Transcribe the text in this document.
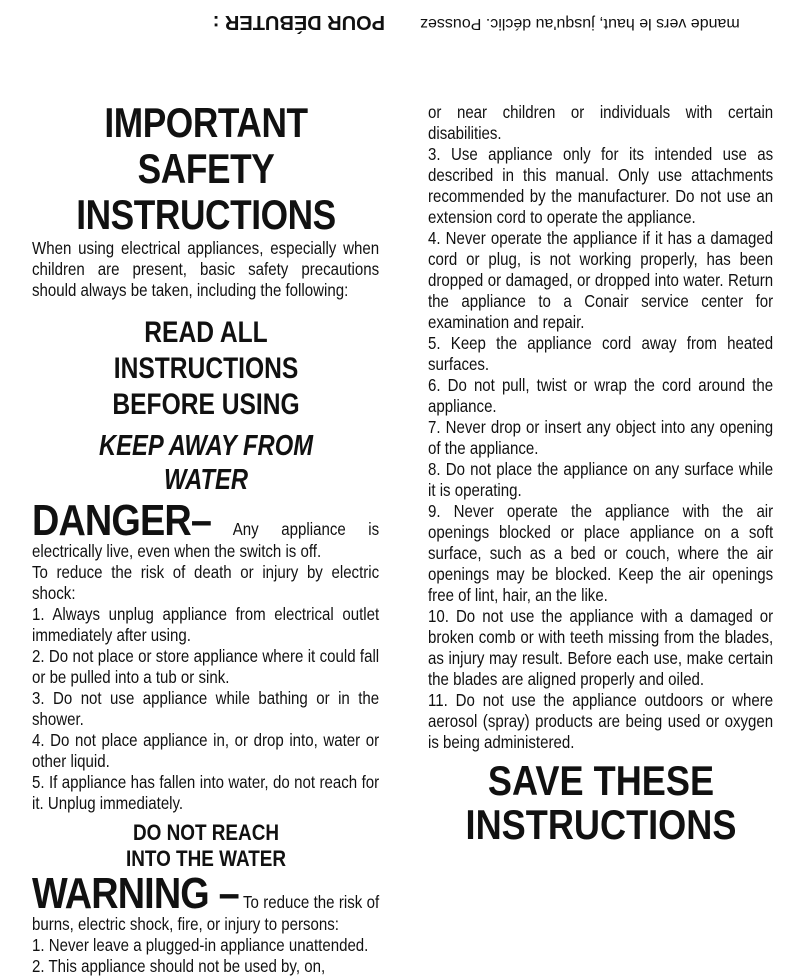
POUR DÉBUTER : mande vers le haut, jusqu'au déclic. Poussez
IMPORTANT SAFETY
INSTRUCTIONS

When using electrical appliances, especially when children are present, basic safety precautions should always be taken, including the following:

READ ALL INSTRUCTIONS
BEFORE USING
KEEP AWAY FROM WATER

DANGER– Any appliance is electrically live, even when the switch is off.

To reduce the risk of death or injury by electric shock:

1. Always unplug appliance from electrical outlet immediately after using.

2. Do not place or store appliance where it could fall or be pulled into a tub or sink.

3. Do not use appliance while bathing or in the shower.

4. Do not place appliance in, or drop into, water or other liquid.

5. If appliance has fallen into water, do not reach for it. Unplug immediately.

DO NOT REACH
INTO THE WATER

WARNING – To reduce the risk of burns, electric shock, fire, or injury to persons:

1. Never leave a plugged-in appliance unattended.

2. This appliance should not be used by, on,

or near children or individuals with certain disabilities.

3. Use appliance only for its intended use as described in this manual. Only use attachments recommended by the manufacturer. Do not use an extension cord to operate the appliance.

4. Never operate the appliance if it has a damaged cord or plug, is not working properly, has been dropped or damaged, or dropped into water. Return the appliance to a Conair service center for examination and repair.

5. Keep the appliance cord away from heated surfaces.

6. Do not pull, twist or wrap the cord around the appliance.

7. Never drop or insert any object into any opening of the appliance.

8. Do not place the appliance on any surface while it is operating.

9. Never operate the appliance with the air openings blocked or place appliance on a soft surface, such as a bed or couch, where the air openings may be blocked. Keep the air openings free of lint, hair, an the like.

10. Do not use the appliance with a damaged or broken comb or with teeth missing from the blades, as injury may result. Before each use, make certain the blades are aligned properly and oiled.

11. Do not use the appliance outdoors or where aerosol (spray) products are being used or oxygen is being administered.

SAVE THESE
INSTRUCTIONS
